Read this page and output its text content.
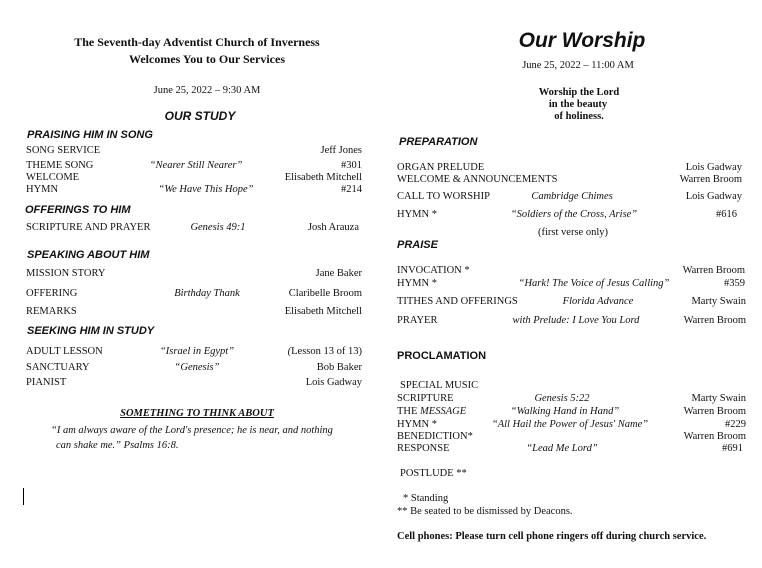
The Seventh-day Adventist Church of Inverness
Welcomes You to Our Services
June 25, 2022 – 9:30 AM
OUR STUDY
PRAISING HIM IN SONG
SONG SERVICE	Jeff Jones
THEME SONG	“Nearer Still Nearer”	#301
WELCOME	Elisabeth Mitchell
HYMN	“We Have This Hope”	#214
OFFERINGS TO HIM
SCRIPTURE AND PRAYER	Genesis 49:1	Josh Arauza
SPEAKING ABOUT HIM
MISSION STORY	Jane Baker
OFFERING	Birthday Thank	Claribelle Broom
REMARKS	Elisabeth Mitchell
SEEKING HIM IN STUDY
ADULT LESSON	“Israel in Egypt”	(Lesson 13 of 13)
SANCTUARY	“Genesis”	Bob Baker
PIANIST	Lois Gadway
SOMETHING TO THINK ABOUT
“I am always aware of the Lord's presence; he is near, and nothing
can shake me.” Psalms 16:8.
Our Worship
June 25, 2022 – 11:00 AM
Worship the Lord
in the beauty
of holiness.
PREPARATION
ORGAN PRELUDE	Lois Gadway
WELCOME & ANNOUNCEMENTS	Warren Broom
CALL TO WORSHIP	Cambridge Chimes	Lois Gadway
HYMN *	“Soldiers of the Cross, Arise”	#616
(first verse only)
PRAISE
INVOCATION *	Warren Broom
HYMN *	“Hark! The Voice of Jesus Calling”	#359
TITHES AND OFFERINGS	Florida Advance	Marty Swain
PRAYER	with Prelude: I Love You Lord	Warren Broom
PROCLAMATION
SPECIAL MUSIC
SCRIPTURE	Genesis 5:22	Marty Swain
THE MESSAGE	“Walking Hand in Hand”	Warren Broom
HYMN *	“All Hail the Power of Jesus' Name”	#229
BENEDICTION*	Warren Broom
RESPONSE	“Lead Me Lord”	#691
POSTLUDE **
* Standing
** Be seated to be dismissed by Deacons.
Cell phones: Please turn cell phone ringers off during church service.
